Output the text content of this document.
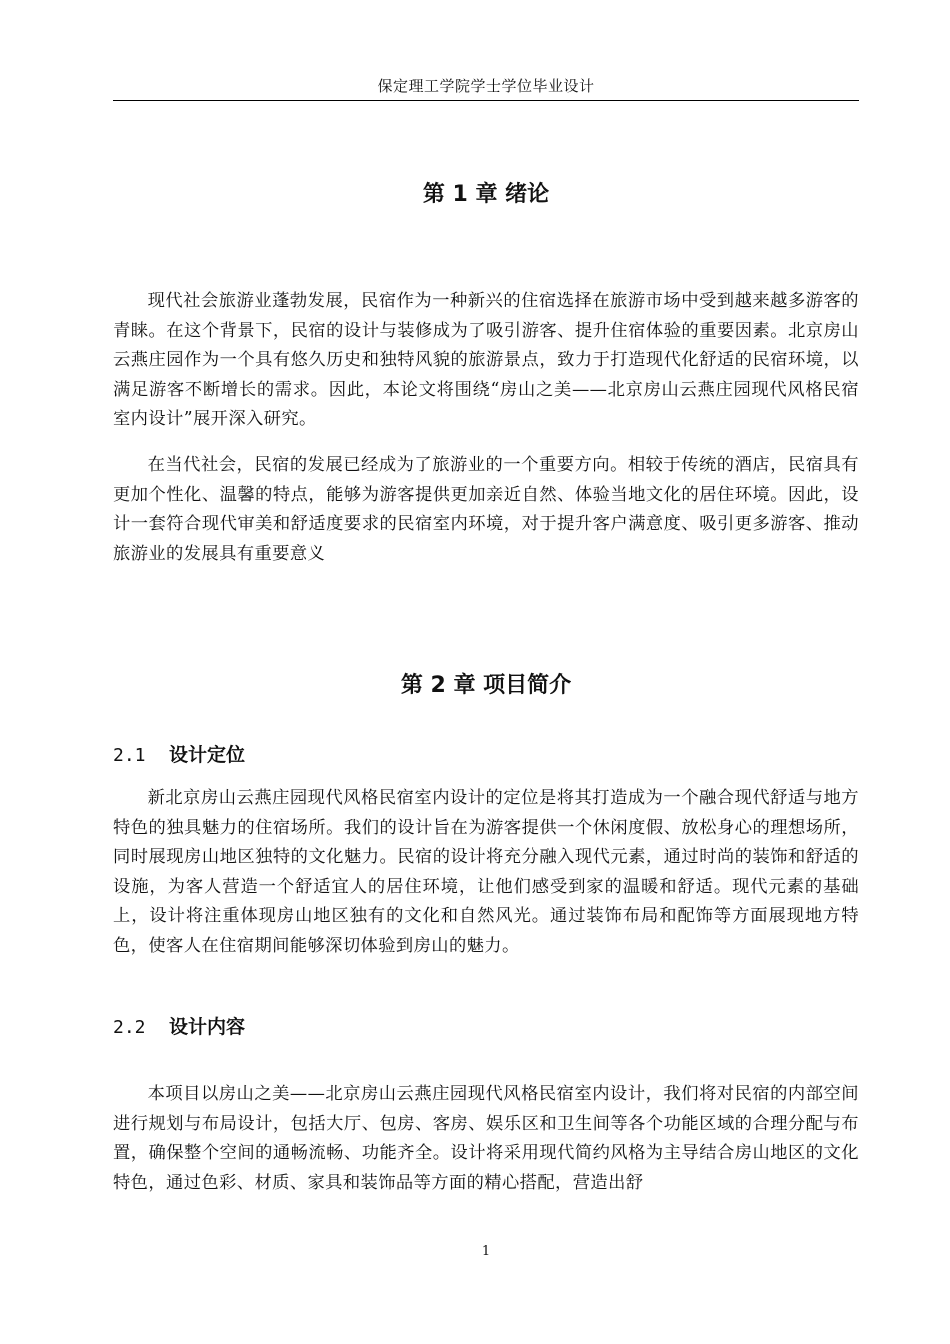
保定理工学院学士学位毕业设计
第 1 章 绪论

现代社会旅游业蓬勃发展，民宿作为一种新兴的住宿选择在旅游市场中受到越来越多游客的青睐。在这个背景下，民宿的设计与装修成为了吸引游客、提升住宿体验的重要因素。北京房山云燕庄园作为一个具有悠久历史和独特风貌的旅游景点，致力于打造现代化舒适的民宿环境，以满足游客不断增长的需求。因此，本论文将围绕“房山之美——北京房山云燕庄园现代风格民宿室内设计”展开深入研究。

在当代社会，民宿的发展已经成为了旅游业的一个重要方向。相较于传统的酒店，民宿具有更加个性化、温馨的特点，能够为游客提供更加亲近自然、体验当地文化的居住环境。因此，设计一套符合现代审美和舒适度要求的民宿室内环境，对于提升客户满意度、吸引更多游客、推动旅游业的发展具有重要意义

第 2 章 项目简介
2.1 设计定位

新北京房山云燕庄园现代风格民宿室内设计的定位是将其打造成为一个融合现代舒适与地方特色的独具魅力的住宿场所。我们的设计旨在为游客提供一个休闲度假、放松身心的理想场所，同时展现房山地区独特的文化魅力。民宿的设计将充分融入现代元素，通过时尚的装饰和舒适的设施，为客人营造一个舒适宜人的居住环境，让他们感受到家的温暖和舒适。现代元素的基础上，设计将注重体现房山地区独有的文化和自然风光。通过装饰布局和配饰等方面展现地方特色，使客人在住宿期间能够深切体验到房山的魅力。

2.2 设计内容

本项目以房山之美——北京房山云燕庄园现代风格民宿室内设计，我们将对民宿的内部空间进行规划与布局设计，包括大厅、包房、客房、娱乐区和卫生间等各个功能区域的合理分配与布置，确保整个空间的通畅流畅、功能齐全。设计将采用现代简约风格为主导结合房山地区的文化特色，通过色彩、材质、家具和装饰品等方面的精心搭配，营造出舒

1
